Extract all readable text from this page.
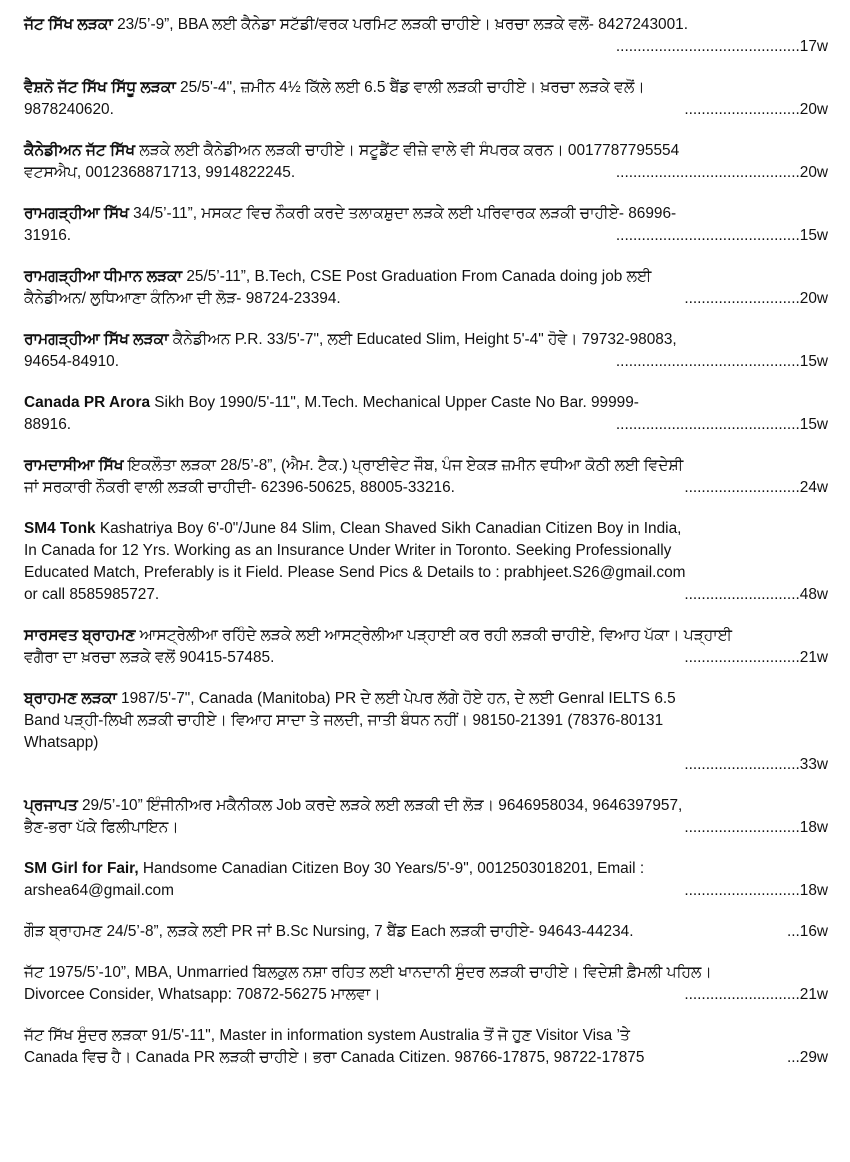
ਜੱਟ ਸਿੱਖ ਲੜਕਾ 23/5’-9”, BBA ਲਈ ਕੈਨੇਡਾ ਸਟੱਡੀ/ਵਰਕ ਪਰਮਿਟ ਲੜਕੀ ਚਾਹੀਏ। ਖ਼ਰਚਾ ਲੜਕੇ ਵਲੋਂ- 8427243001.
...........................................17w
ਵੈਸ਼ਨੋ ਜੱਟ ਸਿੱਖ ਸਿੱਧੂ ਲੜਕਾ 25/5'-4", ਜ਼ਮੀਨ 4½ ਕਿੱਲੇ ਲਈ 6.5 ਬੈਂਡ ਵਾਲੀ ਲੜਕੀ ਚਾਹੀਏ। ਖ਼ਰਚਾ ਲੜਕੇ ਵਲੋਂ।
9878240620.	...........................20w
ਕੈਨੇਡੀਅਨ ਜੱਟ ਸਿੱਖ ਲੜਕੇ ਲਈ ਕੈਨੇਡੀਅਨ ਲੜਕੀ ਚਾਹੀਏ। ਸਟੂਡੈਂਟ ਵੀਜ਼ੇ ਵਾਲੇ ਵੀ ਸੰਪਰਕ ਕਰਨ। 0017787795554
ਵਟਸਐਪ, 0012368871713, 9914822245.	...........................................20w
ਰਾਮਗੜ੍ਹੀਆ ਸਿੱਖ 34/5’-11”, ਮਸਕਟ ਵਿਚ ਨੌਕਰੀ ਕਰਦੇ ਤਲਾਕਸ਼ੁਦਾ ਲੜਕੇ ਲਈ ਪਰਿਵਾਰਕ ਲੜਕੀ ਚਾਹੀਏ- 86996-
31916.	...........................................15w
ਰਾਮਗੜ੍ਹੀਆ ਧੀਮਾਨ ਲੜਕਾ 25/5’-11”, B.Tech, CSE Post Graduation From Canada doing job ਲਈ
ਕੈਨੇਡੀਅਨ/ ਲੁਧਿਆਣਾ ਕੰਨਿਆ ਦੀ ਲੋੜ- 98724-23394.	...........................20w
ਰਾਮਗੜ੍ਹੀਆ ਸਿੱਖ ਲੜਕਾ ਕੈਨੇਡੀਅਨ P.R. 33/5'-7", ਲਈ Educated Slim, Height 5'-4" ਹੋਵੇ। 79732-98083,
94654-84910.	...........................................15w
Canada PR Arora Sikh Boy 1990/5'-11", M.Tech. Mechanical Upper Caste No Bar. 99999-
88916.	...........................................15w
ਰਾਮਦਾਸੀਆ ਸਿੱਖ ਇਕਲੌਤਾ ਲੜਕਾ 28/5’-8”, (ਐਮ. ਟੈਕ.) ਪ੍ਰਾਈਵੇਟ ਜੌਬ, ਪੰਜ ਏਕੜ ਜ਼ਮੀਨ ਵਧੀਆ ਕੋਠੀ ਲਈ ਵਿਦੇਸ਼ੀ
ਜਾਂ ਸਰਕਾਰੀ ਨੌਕਰੀ ਵਾਲੀ ਲੜਕੀ ਚਾਹੀਦੀ- 62396-50625, 88005-33216.	...........................24w
SM4 Tonk Kashatriya Boy 6'-0"/June 84 Slim, Clean Shaved Sikh Canadian Citizen Boy in India,
In Canada for 12 Yrs. Working as an Insurance Under Writer in Toronto. Seeking Professionally
Educated Match, Preferably is it Field. Please Send Pics & Details to : prabhjeet.S26@gmail.com
or call 8585985727.	...........................48w
ਸਾਰਸਵਤ ਬ੍ਰਾਹਮਣ ਆਸਟ੍ਰੇਲੀਆ ਰਹਿੰਦੇ ਲੜਕੇ ਲਈ ਆਸਟ੍ਰੇਲੀਆ ਪੜ੍ਹਾਈ ਕਰ ਰਹੀ ਲੜਕੀ ਚਾਹੀਏ, ਵਿਆਹ ਪੱਕਾ। ਪੜ੍ਹਾਈ
ਵਗੈਰਾ ਦਾ ਖ਼ਰਚਾ ਲੜਕੇ ਵਲੋਂ 90415-57485.	...........................21w
ਬ੍ਰਾਹਮਣ ਲੜਕਾ 1987/5'-7", Canada (Manitoba) PR ਦੇ ਲਈ ਪੇਪਰ ਲੱਗੇ ਹੋਏ ਹਨ, ਦੇ ਲਈ Genral IELTS 6.5
Band ਪੜ੍ਹੀ-ਲਿਖੀ ਲੜਕੀ ਚਾਹੀਏ। ਵਿਆਹ ਸਾਦਾ ਤੇ ਜਲਦੀ, ਜਾਤੀ ਬੰਧਨ ਨਹੀਂ। 98150-21391 (78376-80131
Whatsapp)
...........................33w
ਪ੍ਰਜਾਪਤ 29/5’-10” ਇੰਜੀਨੀਅਰ ਮਕੈਨੀਕਲ Job ਕਰਦੇ ਲੜਕੇ ਲਈ ਲੜਕੀ ਦੀ ਲੋੜ। 9646958034, 9646397957,
ਭੈਣ-ਭਰਾ ਪੱਕੇ ਫਿਲੀਪਾਇਨ।	...........................18w
SM Girl for Fair, Handsome Canadian Citizen Boy 30 Years/5'-9", 0012503018201, Email :
arshea64@gmail.com	...........................18w
ਗੌੜ ਬ੍ਰਾਹਮਣ 24/5’-8”, ਲੜਕੇ ਲਈ PR ਜਾਂ B.Sc Nursing, 7 ਬੈਂਡ Each ਲੜਕੀ ਚਾਹੀਏ- 94643-44234.	...16w
ਜੱਟ 1975/5’-10”, MBA, Unmarried ਬਿਲਕੁਲ ਨਸ਼ਾ ਰਹਿਤ ਲਈ ਖਾਨਦਾਨੀ ਸੁੰਦਰ ਲੜਕੀ ਚਾਹੀਏ। ਵਿਦੇਸ਼ੀ ਫ਼ੈਮਲੀ ਪਹਿਲ।
Divorcee Consider, Whatsapp: 70872-56275 ਮਾਲਵਾ।	...........................21w
ਜੱਟ ਸਿੱਖ ਸੁੰਦਰ ਲੜਕਾ 91/5'-11", Master in information system Australia ਤੋਂ ਜੋ ਹੁਣ Visitor Visa ’ਤੇ
Canada ਵਿਚ ਹੈ। Canada PR ਲੜਕੀ ਚਾਹੀਏ। ਭਰਾ Canada Citizen. 98766-17875, 98722-17875	...29w
